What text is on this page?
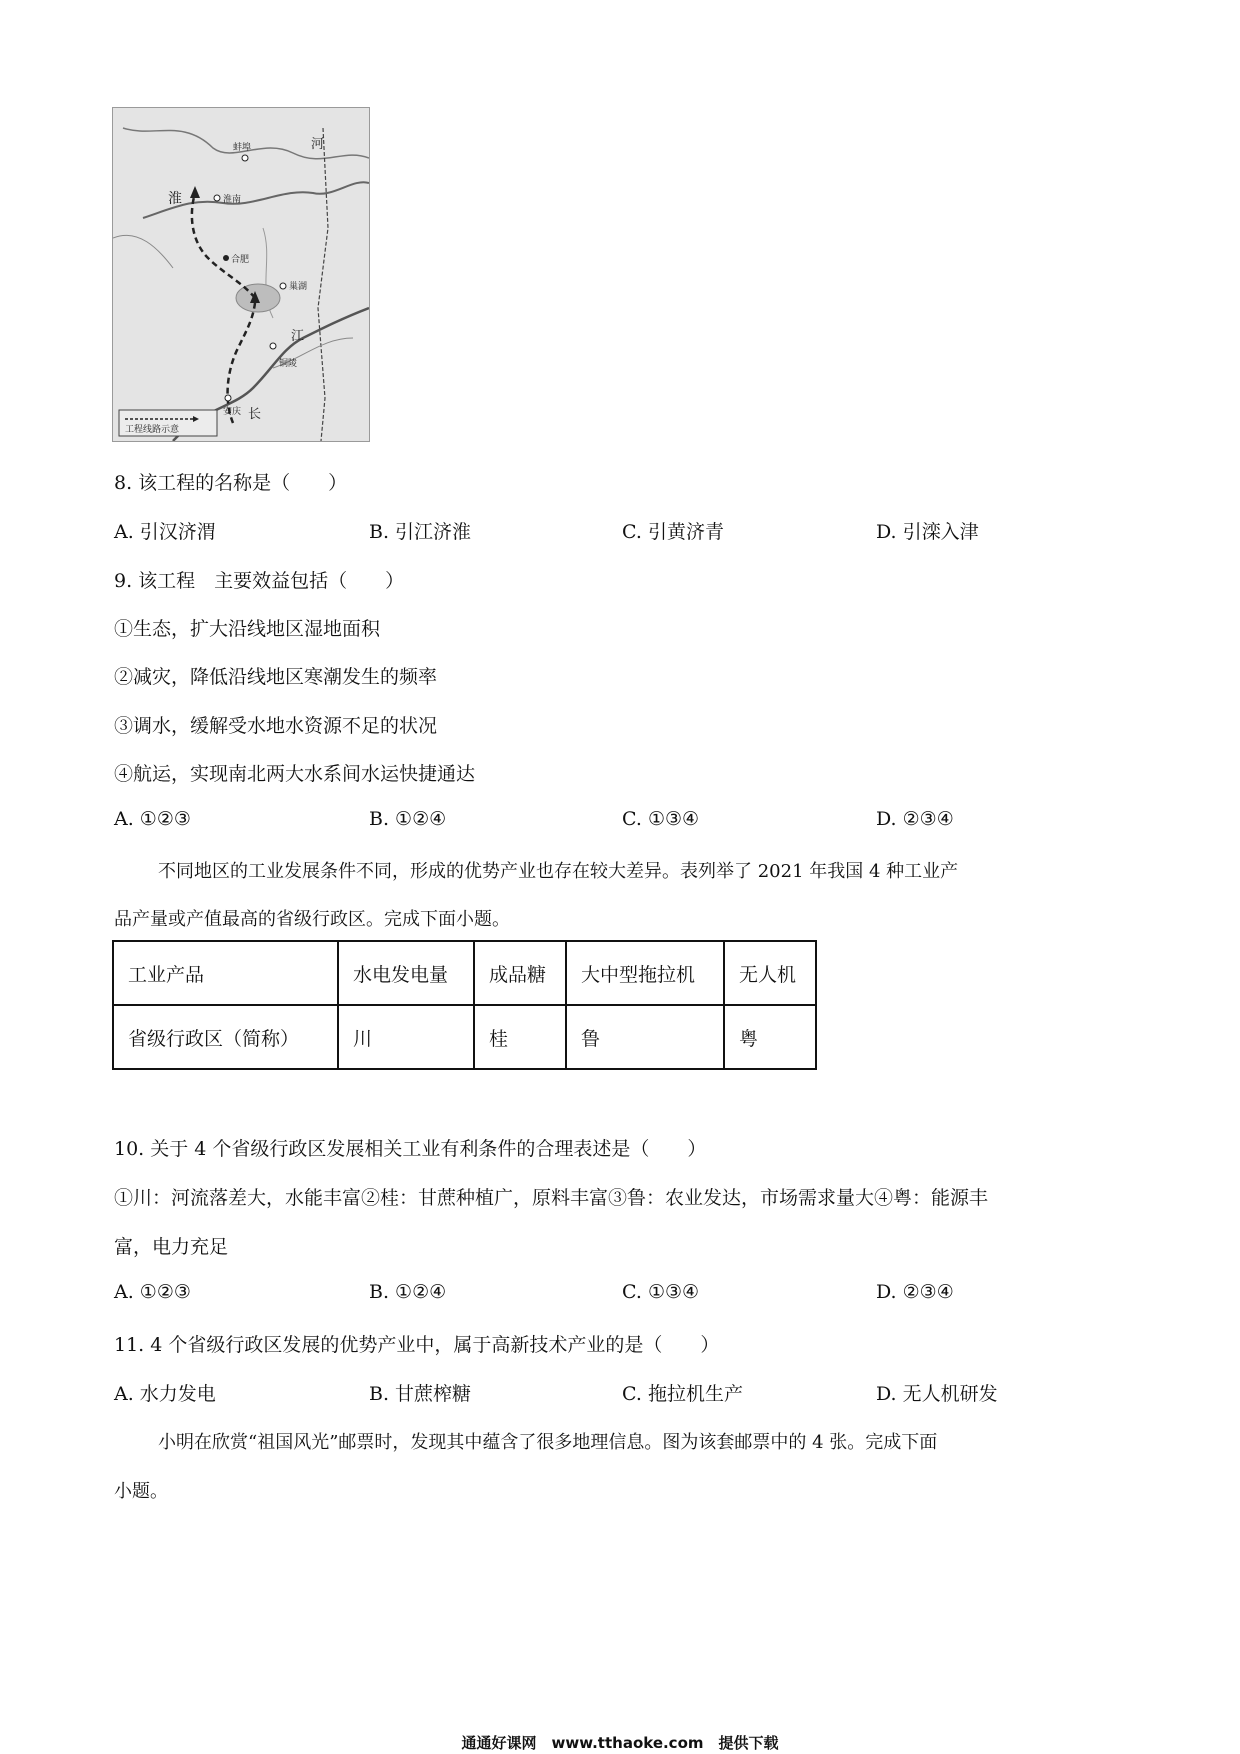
蚌埠	河
淮	淮南
合肥
巢湖
江
铜陵
安庆 长
工程线路示意
8. 该工程的名称是（　　）
A. 引汉济渭	B. 引江济淮	C. 引黄济青	D. 引滦入津
9. 该工程　主要效益包括（　　）
①生态，扩大沿线地区湿地面积
②减灾，降低沿线地区寒潮发生的频率
③调水，缓解受水地水资源不足的状况
④航运，实现南北两大水系间水运快捷通达
A. ①②③	B. ①②④	C. ①③④	D. ②③④
不同地区的工业发展条件不同，形成的优势产业也存在较大差异。表列举了 2021 年我国 4 种工业产
品产量或产值最高的省级行政区。完成下面小题。
工业产品	水电发电量	成品糖	大中型拖拉机	无人机
省级行政区（简称）	川	桂	鲁	粤
10. 关于 4 个省级行政区发展相关工业有利条件的合理表述是（　　）
①川：河流落差大，水能丰富②桂：甘蔗种植广，原料丰富③鲁：农业发达，市场需求量大④粤：能源丰
富，电力充足
A. ①②③	B. ①②④	C. ①③④	D. ②③④
11. 4 个省级行政区发展的优势产业中，属于高新技术产业的是（　　）
A. 水力发电	B. 甘蔗榨糖	C. 拖拉机生产	D. 无人机研发
小明在欣赏“祖国风光”邮票时，发现其中蕴含了很多地理信息。图为该套邮票中的 4 张。完成下面
小题。
通通好课网　www.tthaoke.com　提供下载
